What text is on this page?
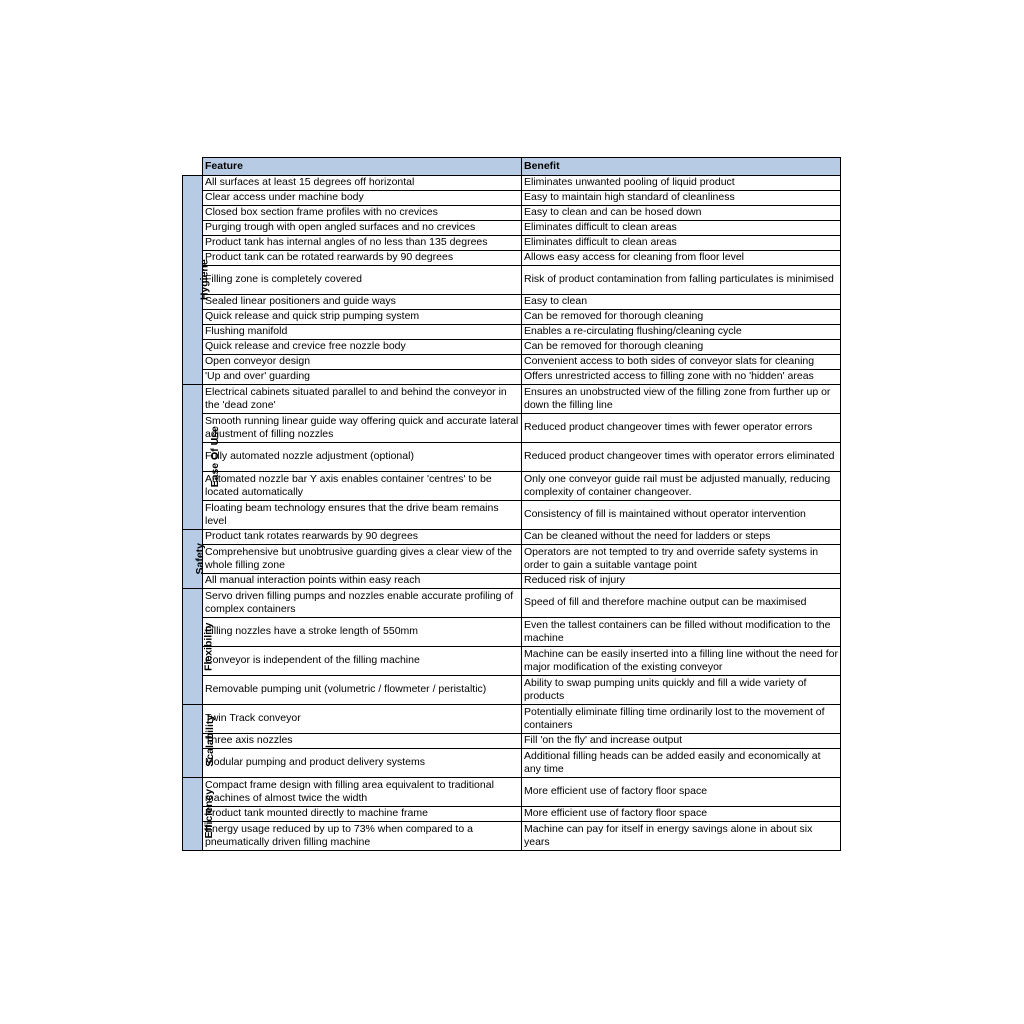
	Feature	Benefit
Hygiene	All surfaces at least 15 degrees off horizontal	Eliminates unwanted pooling of liquid product
	Clear access under machine body	Easy to maintain high standard of cleanliness
	Closed box section frame profiles with no crevices	Easy to clean and can be hosed down
	Purging trough with open angled surfaces and no crevices	Eliminates difficult to clean areas
	Product tank has internal angles of no less than 135 degrees	Eliminates difficult to clean areas
	Product tank can be rotated rearwards by 90 degrees	Allows easy access for cleaning from floor level
	Filling zone is completely covered	Risk of product contamination from falling particulates is minimised
	Sealed linear positioners and guide ways	Easy to clean
	Quick release and quick strip pumping system	Can be removed for thorough cleaning
	Flushing manifold	Enables a re-circulating flushing/cleaning cycle
	Quick release and crevice free nozzle body	Can be removed for thorough cleaning
	Open conveyor design	Convenient access to both sides of conveyor slats for cleaning
	'Up and over' guarding	Offers unrestricted access to filling zone with no 'hidden' areas
Ease Of Use	Electrical cabinets situated parallel to and behind the conveyor in the 'dead zone'	Ensures an unobstructed view of the filling zone from further up or down the filling line
	Smooth running linear guide way offering quick and accurate lateral adjustment of filling nozzles	Reduced product changeover times with fewer operator errors
	Fully automated nozzle adjustment (optional)	Reduced product changeover times with operator errors eliminated
	Automated nozzle bar Y axis enables container 'centres' to be located automatically	Only one conveyor guide rail must be adjusted manually, reducing complexity of container changeover.
	Floating beam technology ensures that the drive beam remains level	Consistency of fill is maintained without operator intervention
Safety	Product tank rotates rearwards by 90 degrees	Can be cleaned without the need for ladders or steps
	Comprehensive but unobtrusive guarding gives a clear view of the whole filling zone	Operators are not tempted to try and override safety systems in order to gain a suitable vantage point
	All manual interaction points within easy reach	Reduced risk of injury
Flexibility	Servo driven filling pumps and nozzles enable accurate profiling of complex containers	Speed of fill and therefore machine output can be maximised
	Filling nozzles have a stroke length of 550mm	Even the tallest containers can be filled without modification to the machine
	Conveyor is independent of the filling machine	Machine can be easily inserted into a filling line without the need for major modification of the existing conveyor
	Removable pumping unit (volumetric / flowmeter / peristaltic)	Ability to swap pumping units quickly and fill a wide variety of products
Scalability	Twin Track conveyor	Potentially eliminate filling time ordinarily lost to the movement of containers
	Three axis nozzles	Fill 'on the fly' and increase output
	Modular pumping and product delivery systems	Additional filling heads can be added easily and economically at any time
Efficiency	Compact frame design with filling area equivalent to traditional machines of almost twice the width	More efficient use of factory floor space
	Product tank mounted directly to machine frame	More efficient use of factory floor space
	Energy usage reduced by up to 73% when compared to a pneumatically driven filling machine	Machine can pay for itself in energy savings alone in about six years
